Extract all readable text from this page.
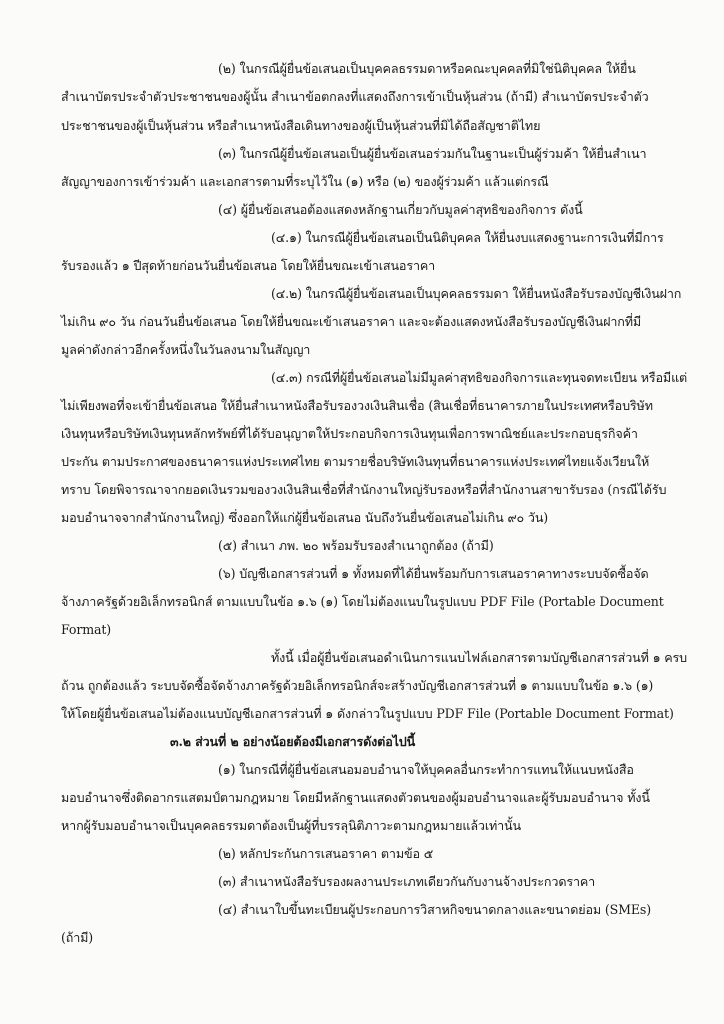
(๒) ในกรณีผู้ยื่นข้อเสนอเป็นบุคคลธรรมดาหรือคณะบุคคลที่มิใช่นิติบุคคล ให้ยื่น
สำเนาบัตรประจำตัวประชาชนของผู้นั้น สำเนาข้อตกลงที่แสดงถึงการเข้าเป็นหุ้นส่วน (ถ้ามี) สำเนาบัตรประจำตัว
ประชาชนของผู้เป็นหุ้นส่วน หรือสำเนาหนังสือเดินทางของผู้เป็นหุ้นส่วนที่มิได้ถือสัญชาติไทย
(๓) ในกรณีผู้ยื่นข้อเสนอเป็นผู้ยื่นข้อเสนอร่วมกันในฐานะเป็นผู้ร่วมค้า ให้ยื่นสำเนา
สัญญาของการเข้าร่วมค้า และเอกสารตามที่ระบุไว้ใน (๑) หรือ (๒) ของผู้ร่วมค้า แล้วแต่กรณี
(๔) ผู้ยื่นข้อเสนอต้องแสดงหลักฐานเกี่ยวกับมูลค่าสุทธิของกิจการ ดังนี้
(๔.๑) ในกรณีผู้ยื่นข้อเสนอเป็นนิติบุคคล ให้ยื่นงบแสดงฐานะการเงินที่มีการ
รับรองแล้ว ๑ ปีสุดท้ายก่อนวันยื่นข้อเสนอ โดยให้ยื่นขณะเข้าเสนอราคา
(๔.๒) ในกรณีผู้ยื่นข้อเสนอเป็นบุคคลธรรมดา ให้ยื่นหนังสือรับรองบัญชีเงินฝาก
ไม่เกิน ๙๐ วัน ก่อนวันยื่นข้อเสนอ โดยให้ยื่นขณะเข้าเสนอราคา และจะต้องแสดงหนังสือรับรองบัญชีเงินฝากที่มี
มูลค่าดังกล่าวอีกครั้งหนึ่งในวันลงนามในสัญญา
(๔.๓) กรณีที่ผู้ยื่นข้อเสนอไม่มีมูลค่าสุทธิของกิจการและทุนจดทะเบียน หรือมีแต่
ไม่เพียงพอที่จะเข้ายื่นข้อเสนอ ให้ยื่นสำเนาหนังสือรับรองวงเงินสินเชื่อ (สินเชื่อที่ธนาคารภายในประเทศหรือบริษัท
เงินทุนหรือบริษัทเงินทุนหลักทรัพย์ที่ได้รับอนุญาตให้ประกอบกิจการเงินทุนเพื่อการพาณิชย์และประกอบธุรกิจค้า
ประกัน ตามประกาศของธนาคารแห่งประเทศไทย ตามรายชื่อบริษัทเงินทุนที่ธนาคารแห่งประเทศไทยแจ้งเวียนให้
ทราบ โดยพิจารณาจากยอดเงินรวมของวงเงินสินเชื่อที่สำนักงานใหญ่รับรองหรือที่สำนักงานสาขารับรอง (กรณีได้รับ
มอบอำนาจจากสำนักงานใหญ่) ซึ่งออกให้แก่ผู้ยื่นข้อเสนอ นับถึงวันยื่นข้อเสนอไม่เกิน ๙๐ วัน)
(๕) สำเนา ภพ. ๒๐ พร้อมรับรองสำเนาถูกต้อง (ถ้ามี)
(๖) บัญชีเอกสารส่วนที่ ๑ ทั้งหมดที่ได้ยื่นพร้อมกับการเสนอราคาทางระบบจัดซื้อจัด
จ้างภาครัฐด้วยอิเล็กทรอนิกส์ ตามแบบในข้อ ๑.๖ (๑) โดยไม่ต้องแนบในรูปแบบ PDF File (Portable Document
Format)
ทั้งนี้ เมื่อผู้ยื่นข้อเสนอดำเนินการแนบไฟล์เอกสารตามบัญชีเอกสารส่วนที่ ๑ ครบ
ถ้วน ถูกต้องแล้ว ระบบจัดซื้อจัดจ้างภาครัฐด้วยอิเล็กทรอนิกส์จะสร้างบัญชีเอกสารส่วนที่ ๑ ตามแบบในข้อ ๑.๖ (๑)
ให้โดยผู้ยื่นข้อเสนอไม่ต้องแนบบัญชีเอกสารส่วนที่ ๑ ดังกล่าวในรูปแบบ PDF File (Portable Document Format)
๓.๒ ส่วนที่ ๒ อย่างน้อยต้องมีเอกสารดังต่อไปนี้
(๑) ในกรณีที่ผู้ยื่นข้อเสนอมอบอำนาจให้บุคคลอื่นกระทำการแทนให้แนบหนังสือ
มอบอำนาจซึ่งติดอากรแสตมป์ตามกฎหมาย โดยมีหลักฐานแสดงตัวตนของผู้มอบอำนาจและผู้รับมอบอำนาจ ทั้งนี้
หากผู้รับมอบอำนาจเป็นบุคคลธรรมดาต้องเป็นผู้ที่บรรลุนิติภาวะตามกฎหมายแล้วเท่านั้น
(๒) หลักประกันการเสนอราคา ตามข้อ ๕
(๓) สำเนาหนังสือรับรองผลงานประเภทเดียวกันกับงานจ้างประกวดราคา
(๔) สำเนาใบขึ้นทะเบียนผู้ประกอบการวิสาหกิจขนาดกลางและขนาดย่อม (SMEs)
(ถ้ามี)
